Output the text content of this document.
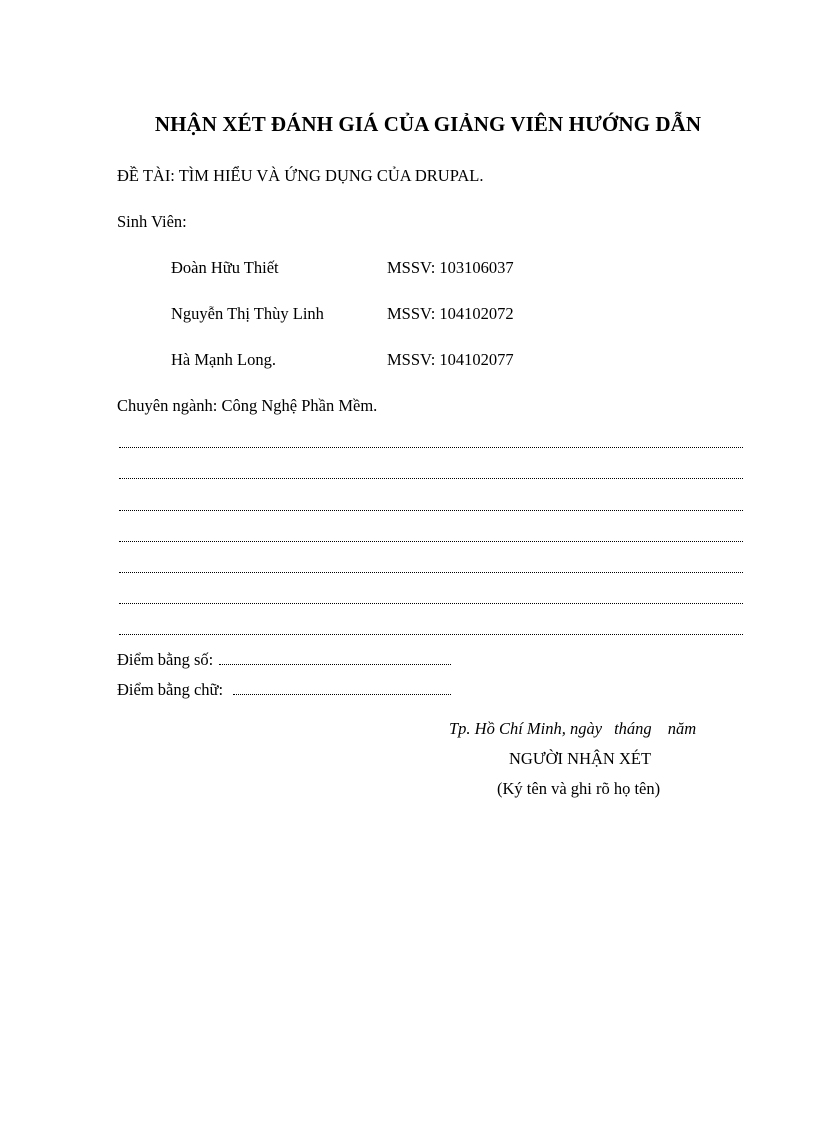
NHẬN XÉT ĐÁNH GIÁ CỦA GIẢNG VIÊN HƯỚNG DẪN
ĐỀ TÀI: TÌM HIỂU VÀ ỨNG DỤNG CỦA DRUPAL.
Sinh Viên:
Đoàn Hữu Thiết	MSSV: 103106037
Nguyễn Thị Thùy Linh	MSSV: 104102072
Hà Mạnh Long.	MSSV: 104102077
Chuyên ngành: Công Nghệ Phần Mềm.
Điểm bằng số:
Điểm bằng chữ:
Tp. Hồ Chí Minh, ngày tháng năm
NGƯỜI NHẬN XÉT
(Ký tên và ghi rõ họ tên)
